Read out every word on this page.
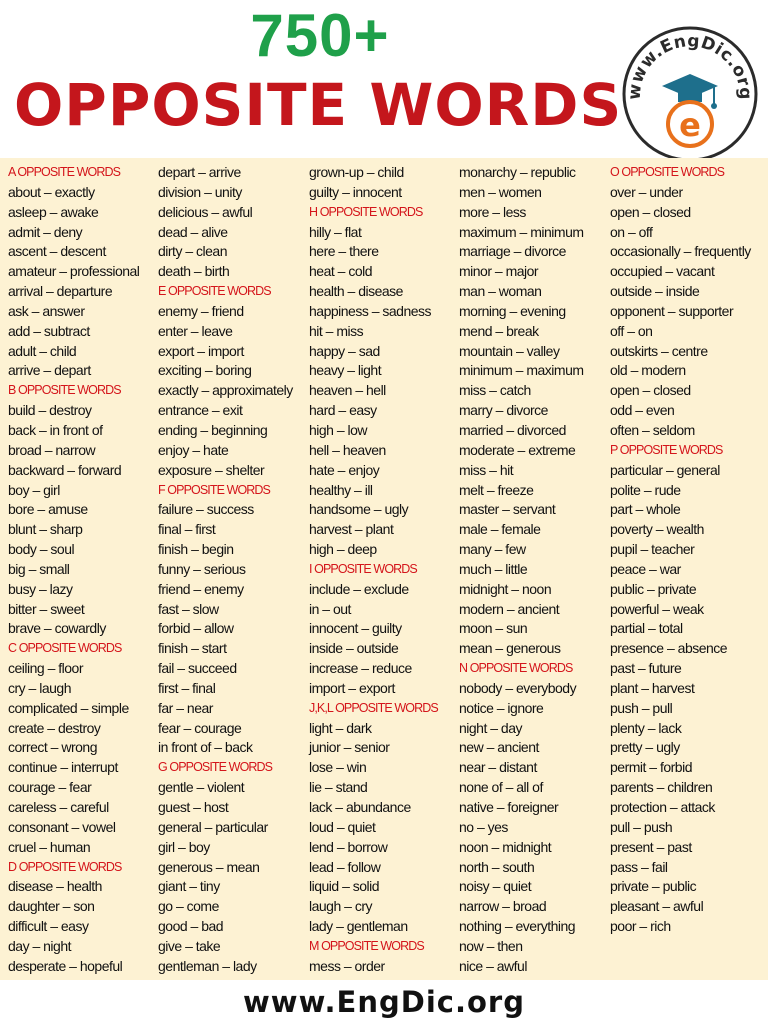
750+
OPPOSITE WORDS www.EngDic.org
e
A OPPOSITE WORDS
about – exactly
asleep – awake
admit – deny
ascent – descent
amateur – professional
arrival – departure
ask – answer
add – subtract
adult – child
arrive – depart
B OPPOSITE WORDS
build – destroy
back – in front of
broad – narrow
backward – forward
boy – girl
bore – amuse
blunt – sharp
body – soul
big – small
busy – lazy
bitter – sweet
brave – cowardly
C OPPOSITE WORDS
ceiling – floor
cry – laugh
complicated – simple
create – destroy
correct – wrong
continue – interrupt
courage – fear
careless – careful
consonant – vowel
cruel – human
D OPPOSITE WORDS
disease – health
daughter – son
difficult – easy
day – night
desperate – hopeful
depart – arrive
division – unity
delicious – awful
dead – alive
dirty – clean
death – birth
E OPPOSITE WORDS
enemy – friend
enter – leave
export – import
exciting – boring
exactly – approximately
entrance – exit
ending – beginning
enjoy – hate
exposure – shelter
F OPPOSITE WORDS
failure – success
final – first
finish – begin
funny – serious
friend – enemy
fast – slow
forbid – allow
finish – start
fail – succeed
first – final
far – near
fear – courage
in front of – back
G OPPOSITE WORDS
gentle – violent
guest – host
general – particular
girl – boy
generous – mean
giant – tiny
go – come
good – bad
give – take
gentleman – lady
grown-up – child
guilty – innocent
H OPPOSITE WORDS
hilly – flat
here – there
heat – cold
health – disease
happiness – sadness
hit – miss
happy – sad
heavy – light
heaven – hell
hard – easy
high – low
hell – heaven
hate – enjoy
healthy – ill
handsome – ugly
harvest – plant
high – deep
I OPPOSITE WORDS
include – exclude
in – out
innocent – guilty
inside – outside
increase – reduce
import – export
J,K,L OPPOSITE WORDS
light – dark
junior – senior
lose – win
lie – stand
lack – abundance
loud – quiet
lend – borrow
lead – follow
liquid – solid
laugh – cry
lady – gentleman
M OPPOSITE WORDS
mess – order
monarchy – republic
men – women
more – less
maximum – minimum
marriage – divorce
minor – major
man – woman
morning – evening
mend – break
mountain – valley
minimum – maximum
miss – catch
marry – divorce
married – divorced
moderate – extreme
miss – hit
melt – freeze
master – servant
male – female
many – few
much – little
midnight – noon
modern – ancient
moon – sun
mean – generous
N OPPOSITE WORDS
nobody – everybody
notice – ignore
night – day
new – ancient
near – distant
none of – all of
native – foreigner
no – yes
noon – midnight
north – south
noisy – quiet
narrow – broad
nothing – everything
now – then
nice – awful
O OPPOSITE WORDS
over – under
open – closed
on – off
occasionally – frequently
occupied – vacant
outside – inside
opponent – supporter
off – on
outskirts – centre
old – modern
open – closed
odd – even
often – seldom
P OPPOSITE WORDS
particular – general
polite – rude
part – whole
poverty – wealth
pupil – teacher
peace – war
public – private
powerful – weak
partial – total
presence – absence
past – future
plant – harvest
push – pull
plenty – lack
pretty – ugly
permit – forbid
parents – children
protection – attack
pull – push
present – past
pass – fail
private – public
pleasant – awful
poor – rich
www.EngDic.org
